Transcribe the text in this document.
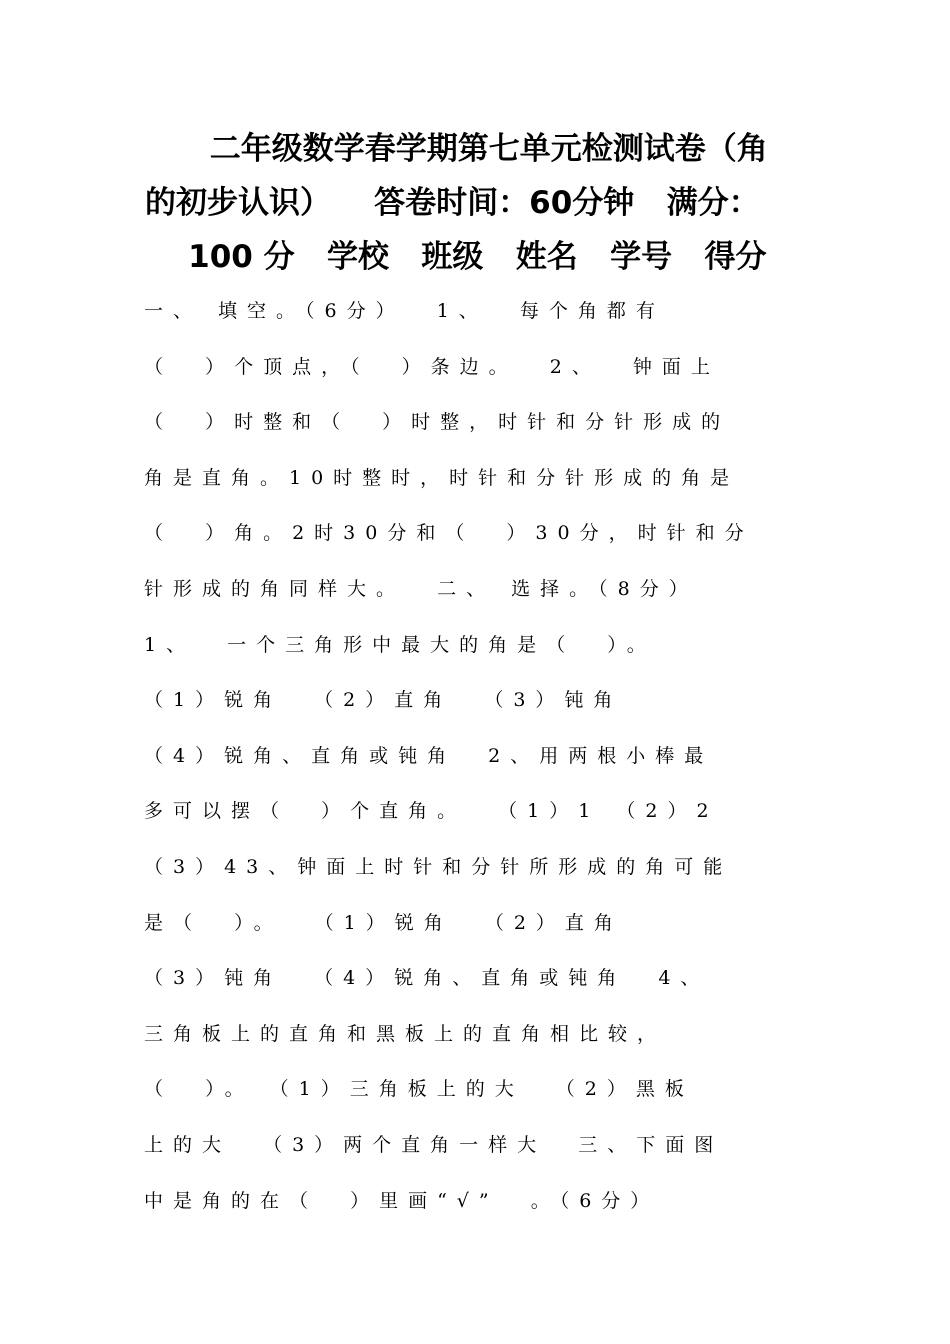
二年级数学春学期第七单元检测试卷（角
的初步认识）    答卷时间：60分钟   满分：
100 分   学校   班级   姓名   学号   得分
一、 填空。（6分）  1、  每个角都有
（  ）个顶点，（  ）条边。  2、  钟面上
（  ）时整和（  ）时整，时针和分针形成的
角是直角。10时整时，时针和分针形成的角是
（  ）角。2时30分和（  ）30分，时针和分
针形成的角同样大。  二、 选择。（8分）
1、  一个三角形中最大的角是（  ）。
（1）锐角  （2）直角  （3）钝角
（4）锐角、直角或钝角  2、用两根小棒最
多可以摆（  ）个直角。  （1）1 （2）2
（3）43、钟面上时针和分针所形成的角可能
是（  ）。  （1）锐角  （2）直角
（3）钝角  （4）锐角、直角或钝角  4、
三角板上的直角和黑板上的直角相比较，
（  ）。 （1）三角板上的大  （2）黑板
上的大  （3）两个直角一样大  三、下面图
中是角的在（  ）里画“√”  。（6分）
